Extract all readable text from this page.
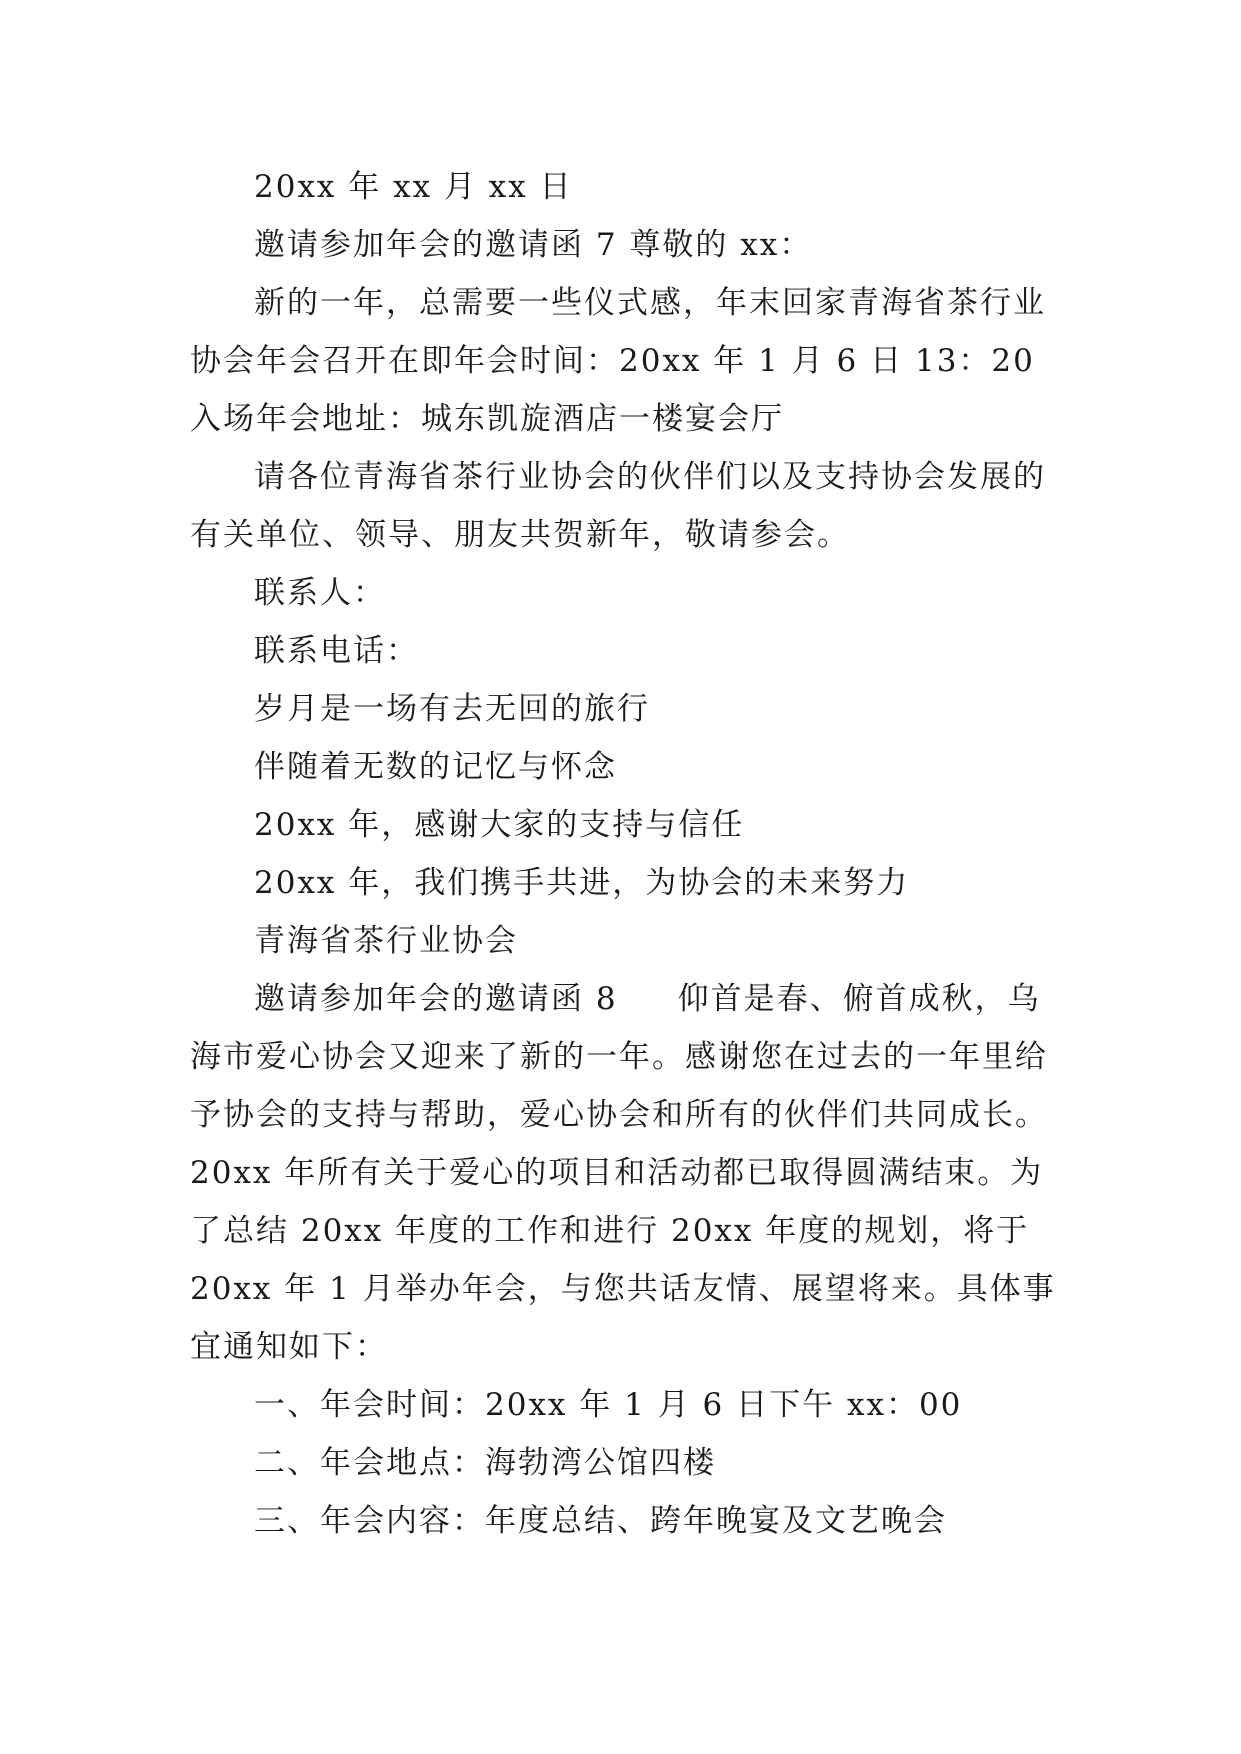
20xx 年 xx 月 xx 日

邀请参加年会的邀请函 7 尊敬的 xx：

新的一年，总需要一些仪式感，年末回家青海省茶行业协会年会召开在即年会时间：20xx 年 1 月 6 日 13：20 入场年会地址：城东凯旋酒店一楼宴会厅

请各位青海省茶行业协会的伙伴们以及支持协会发展的有关单位、领导、朋友共贺新年，敬请参会。

联系人：

联系电话：

岁月是一场有去无回的旅行

伴随着无数的记忆与怀念

20xx 年，感谢大家的支持与信任

20xx 年，我们携手共进，为协会的未来努力

青海省茶行业协会

邀请参加年会的邀请函 8 仰首是春、俯首成秋，乌海市爱心协会又迎来了新的一年。感谢您在过去的一年里给予协会的支持与帮助，爱心协会和所有的伙伴们共同成长。20xx 年所有关于爱心的项目和活动都已取得圆满结束。为了总结 20xx 年度的工作和进行 20xx 年度的规划，将于 20xx 年 1 月举办年会，与您共话友情、展望将来。具体事宜通知如下：

一、年会时间：20xx 年 1 月 6 日下午 xx：00

二、年会地点：海勃湾公馆四楼

三、年会内容：年度总结、跨年晚宴及文艺晚会
